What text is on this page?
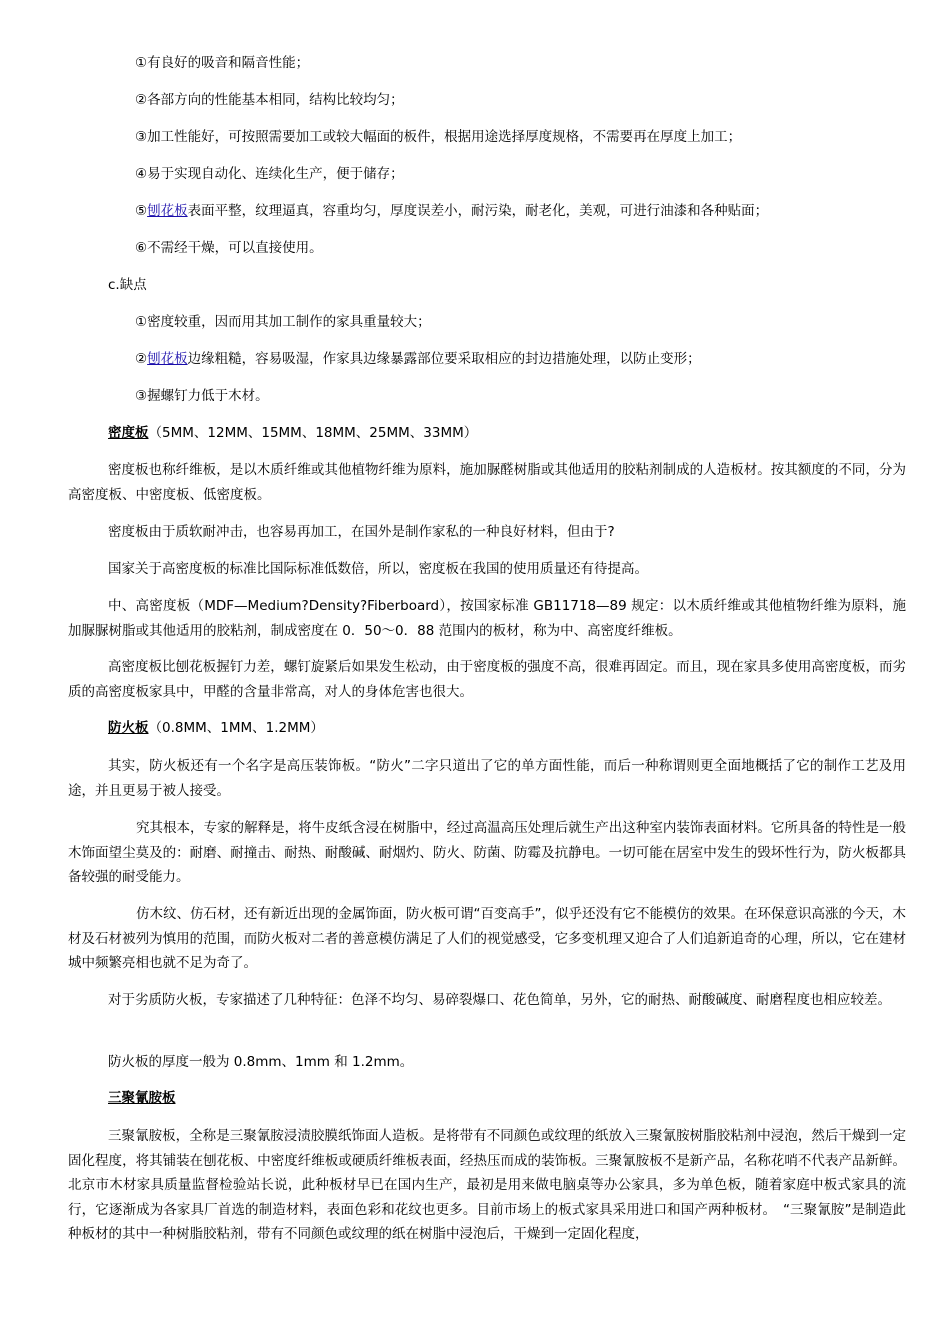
①有良好的吸音和隔音性能；

②各部方向的性能基本相同，结构比较均匀；

③加工性能好，可按照需要加工或较大幅面的板件，根据用途选择厚度规格，不需要再在厚度上加工；

④易于实现自动化、连续化生产，便于储存；

⑤刨花板表面平整，纹理逼真，容重均匀，厚度误差小，耐污染，耐老化，美观，可进行油漆和各种贴面；

⑥不需经干燥，可以直接使用。

c.缺点

①密度较重，因而用其加工制作的家具重量较大；

②刨花板边缘粗糙，容易吸湿，作家具边缘暴露部位要采取相应的封边措施处理，以防止变形；

③握螺钉力低于木材。

密度板（5MM、12MM、15MM、18MM、25MM、33MM）

密度板也称纤维板，是以木质纤维或其他植物纤维为原料，施加脲醛树脂或其他适用的胶粘剂制成的人造板材。按其额度的不同，分为高密度板、中密度板、低密度板。

密度板由于质软耐冲击，也容易再加工，在国外是制作家私的一种良好材料，但由于?

国家关于高密度板的标准比国际标准低数倍，所以，密度板在我国的使用质量还有待提高。

中、高密度板（MDF—Medium?Density?Fiberboard），按国家标准 GB11718—89 规定：以木质纤维或其他植物纤维为原料，施加脲脲树脂或其他适用的胶粘剂，制成密度在 0．50～0．88 范围内的板材，称为中、高密度纤维板。

高密度板比刨花板握钉力差，螺钉旋紧后如果发生松动，由于密度板的强度不高，很难再固定。而且，现在家具多使用高密度板，而劣质的高密度板家具中，甲醛的含量非常高，对人的身体危害也很大。

防火板（0.8MM、1MM、1.2MM）

其实，防火板还有一个名字是高压装饰板。“防火”二字只道出了它的单方面性能，而后一种称谓则更全面地概括了它的制作工艺及用途，并且更易于被人接受。

究其根本，专家的解释是，将牛皮纸含浸在树脂中，经过高温高压处理后就生产出这种室内装饰表面材料。它所具备的特性是一般木饰面望尘莫及的：耐磨、耐撞击、耐热、耐酸碱、耐烟灼、防火、防菌、防霉及抗静电。一切可能在居室中发生的毁坏性行为，防火板都具备较强的耐受能力。

仿木纹、仿石材，还有新近出现的金属饰面，防火板可谓“百变高手”，似乎还没有它不能模仿的效果。在环保意识高涨的今天，木材及石材被列为慎用的范围，而防火板对二者的善意模仿满足了人们的视觉感受，它多变机理又迎合了人们追新追奇的心理，所以，它在建材城中频繁亮相也就不足为奇了。

对于劣质防火板，专家描述了几种特征：色泽不均匀、易碎裂爆口、花色简单，另外，它的耐热、耐酸碱度、耐磨程度也相应较差。

防火板的厚度一般为 0.8mm、1mm 和 1.2mm。

三聚氰胺板

三聚氰胺板，全称是三聚氰胺浸渍胶膜纸饰面人造板。是将带有不同颜色或纹理的纸放入三聚氰胺树脂胶粘剂中浸泡，然后干燥到一定固化程度，将其铺装在刨花板、中密度纤维板或硬质纤维板表面，经热压而成的装饰板。三聚氰胺板不是新产品，名称花哨不代表产品新鲜。北京市木材家具质量监督检验站长说，此种板材早已在国内生产，最初是用来做电脑桌等办公家具，多为单色板，随着家庭中板式家具的流行，它逐渐成为各家具厂首选的制造材料，表面色彩和花纹也更多。目前市场上的板式家具采用进口和国产两种板材。　“三聚氰胺”是制造此种板材的其中一种树脂胶粘剂，带有不同颜色或纹理的纸在树脂中浸泡后，干燥到一定固化程度，
